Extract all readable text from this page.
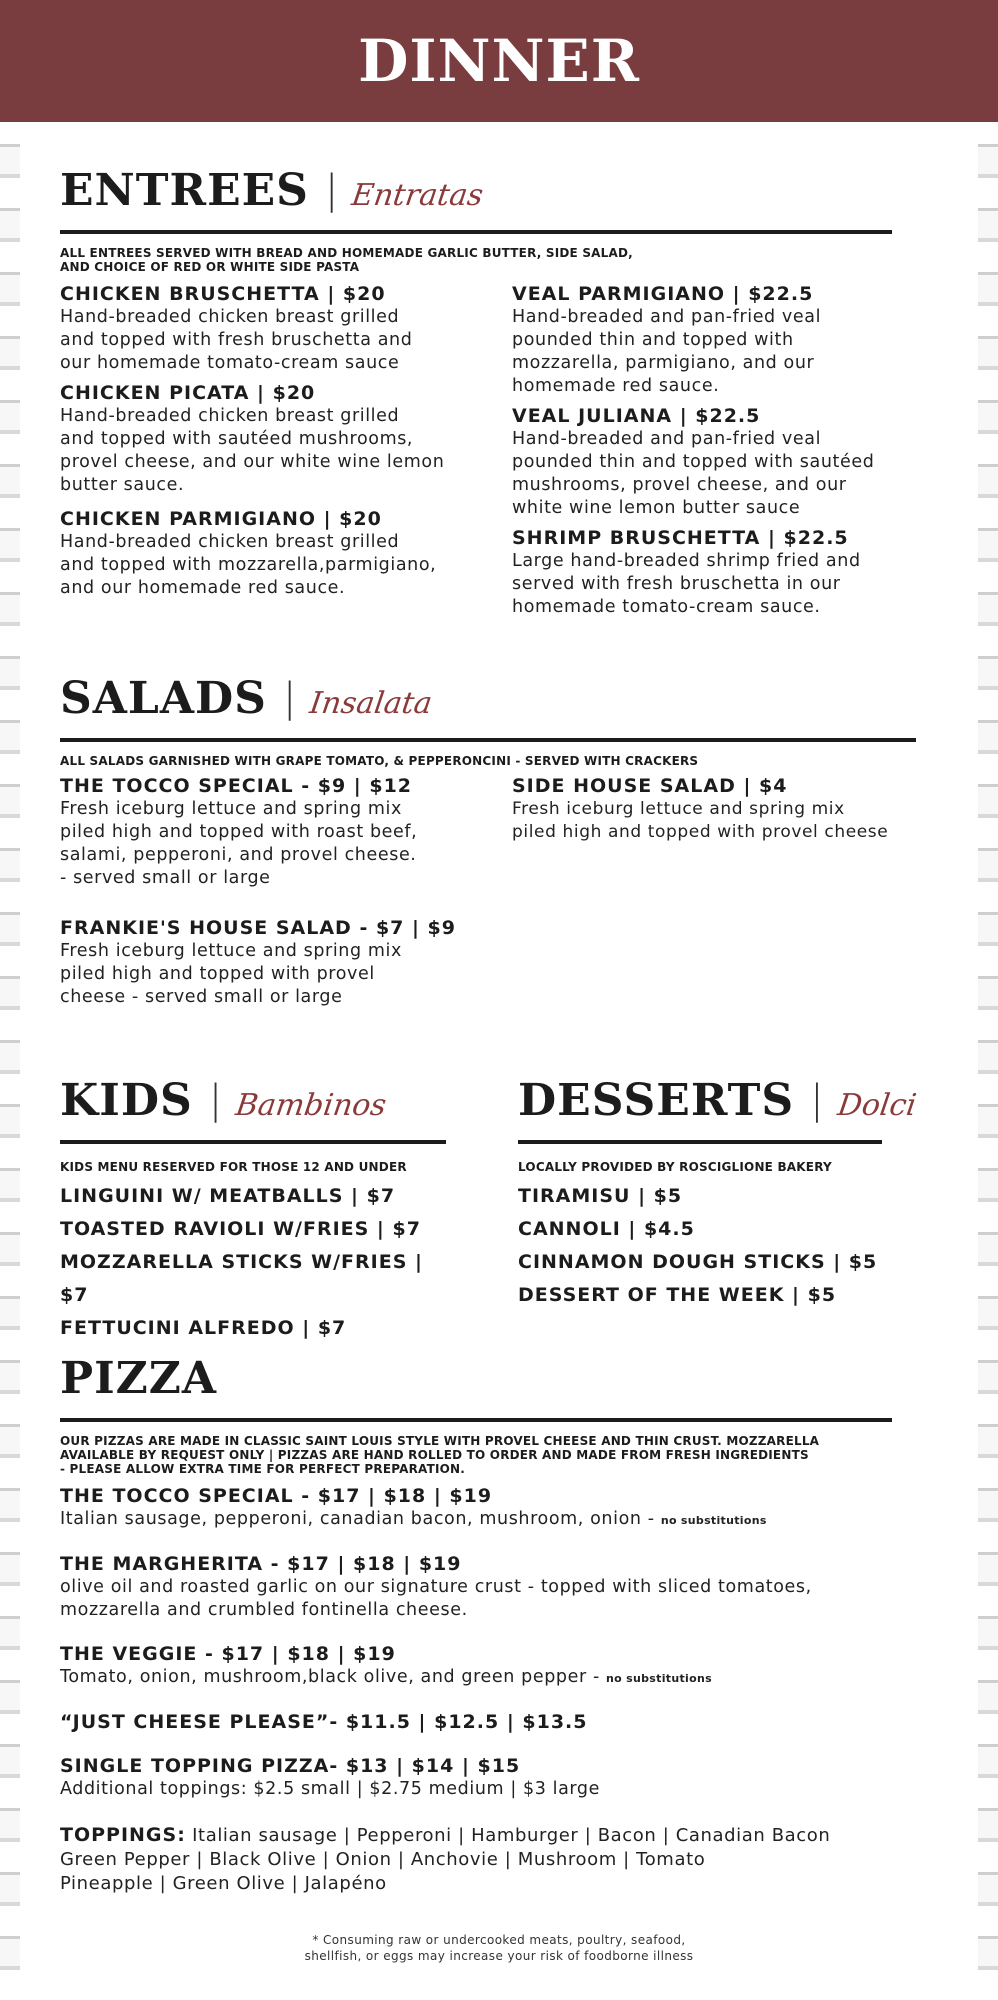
DINNER
ENTREES | Entratas
ALL ENTREES SERVED WITH BREAD AND HOMEMADE GARLIC BUTTER, SIDE SALAD,
AND CHOICE OF RED OR WHITE SIDE PASTA
CHICKEN BRUSCHETTA | $20
Hand-breaded chicken breast grilled
and topped with fresh bruschetta and
our homemade tomato-cream sauce
CHICKEN PICATA | $20
Hand-breaded chicken breast grilled
and topped with sautéed mushrooms,
provel cheese, and our white wine lemon
butter sauce.
CHICKEN PARMIGIANO | $20
Hand-breaded chicken breast grilled
and topped with mozzarella,parmigiano,
and our homemade red sauce.
VEAL PARMIGIANO | $22.5
Hand-breaded and pan-fried veal
pounded thin and topped with
mozzarella, parmigiano, and our
homemade red sauce.
VEAL JULIANA | $22.5
Hand-breaded and pan-fried veal
pounded thin and topped with sautéed
mushrooms, provel cheese, and our
white wine lemon butter sauce
SHRIMP BRUSCHETTA | $22.5
Large hand-breaded shrimp fried and
served with fresh bruschetta in our
homemade tomato-cream sauce.
SALADS | Insalata
ALL SALADS GARNISHED WITH GRAPE TOMATO, & PEPPERONCINI - SERVED WITH CRACKERS
THE TOCCO SPECIAL - $9 | $12
Fresh iceburg lettuce and spring mix
piled high and topped with roast beef,
salami, pepperoni, and provel cheese.
- served small or large
FRANKIE'S HOUSE SALAD - $7 | $9
Fresh iceburg lettuce and spring mix
piled high and topped with provel
cheese - served small or large
SIDE HOUSE SALAD | $4
Fresh iceburg lettuce and spring mix
piled high and topped with provel cheese
KIDS | Bambinos
KIDS MENU RESERVED FOR THOSE 12 AND UNDER
LINGUINI W/ MEATBALLS | $7
TOASTED RAVIOLI W/FRIES | $7
MOZZARELLA STICKS W/FRIES | $7
FETTUCINI ALFREDO | $7
DESSERTS | Dolci
LOCALLY PROVIDED BY ROSCIGLIONE BAKERY
TIRAMISU | $5
CANNOLI | $4.5
CINNAMON DOUGH STICKS | $5
DESSERT OF THE WEEK | $5
PIZZA
OUR PIZZAS ARE MADE IN CLASSIC SAINT LOUIS STYLE WITH PROVEL CHEESE AND THIN CRUST. MOZZARELLA
AVAILABLE BY REQUEST ONLY | PIZZAS ARE HAND ROLLED TO ORDER AND MADE FROM FRESH INGREDIENTS
- PLEASE ALLOW EXTRA TIME FOR PERFECT PREPARATION.
THE TOCCO SPECIAL - $17 | $18 | $19
Italian sausage, pepperoni, canadian bacon, mushroom, onion - no substitutions
THE MARGHERITA - $17 | $18 | $19
olive oil and roasted garlic on our signature crust - topped with sliced tomatoes,
mozzarella and crumbled fontinella cheese.
THE VEGGIE - $17 | $18 | $19
Tomato, onion, mushroom,black olive, and green pepper - no substitutions
“JUST CHEESE PLEASE”- $11.5 | $12.5 | $13.5
SINGLE TOPPING PIZZA- $13 | $14 | $15
Additional toppings: $2.5 small | $2.75 medium | $3 large
TOPPINGS: Italian sausage | Pepperoni | Hamburger | Bacon | Canadian Bacon
Green Pepper | Black Olive | Onion | Anchovie | Mushroom | Tomato
Pineapple | Green Olive | Jalapéno
* Consuming raw or undercooked meats, poultry, seafood,
shellfish, or eggs may increase your risk of foodborne illness
